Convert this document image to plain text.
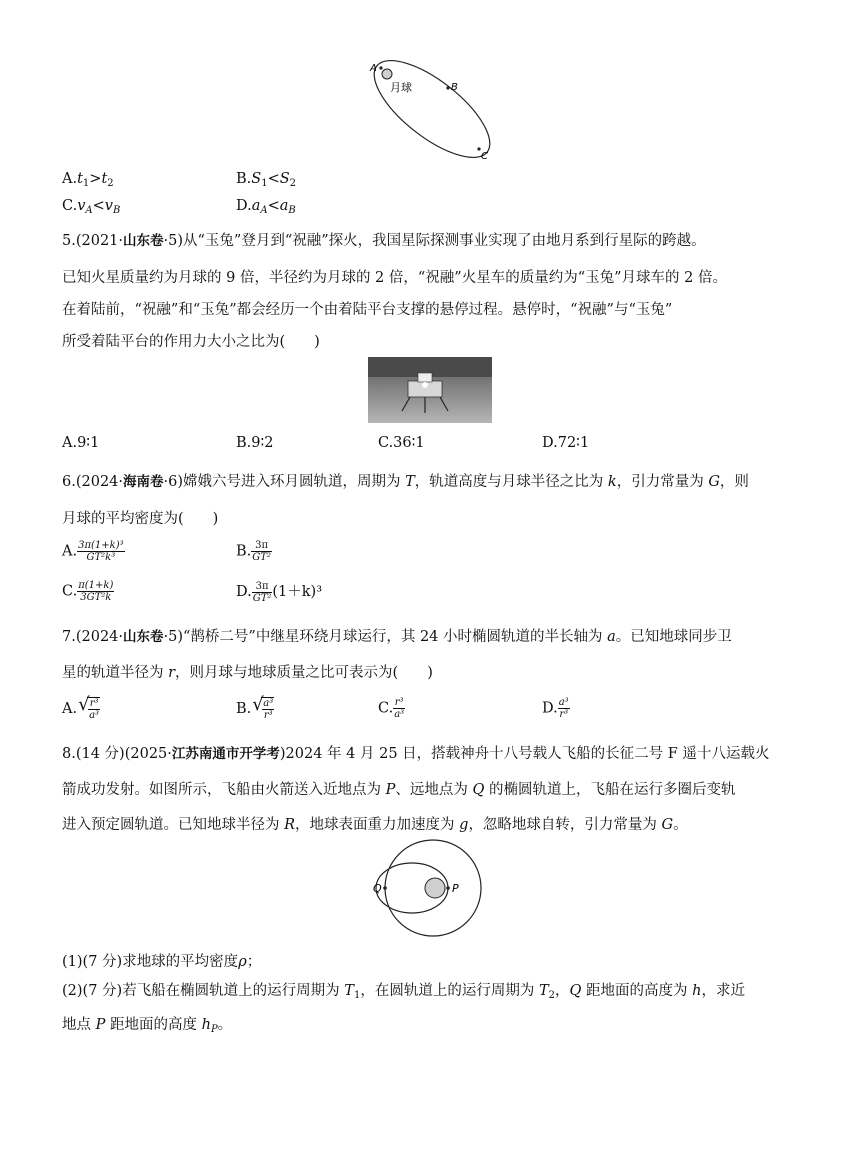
A
B
C
月球
$A.t_1>t_2$	$B.S_1<S_2$
$C.v_A<v_B$	$D.a_A<a_B$
5.(2021·山东卷·5)从“玉兔”登月到“祝融”探火，我国星际探测事业实现了由地月系到行星际的跨越。
已知火星质量约为月球的 9 倍，半径约为月球的 2 倍，“祝融”火星车的质量约为“玉兔”月球车的 2 倍。
在着陆前，“祝融”和“玉兔”都会经历一个由着陆平台支撑的悬停过程。悬停时，“祝融”与“玉兔”
所受着陆平台的作用力大小之比为(　　)
A.9∶1	B.9∶2	C.36∶1	D.72∶1
6.(2024·海南卷·6)嫦娥六号进入环月圆轨道，周期为 T，轨道高度与月球半径之比为 k，引力常量为 G，则
月球的平均密度为(　　)
A. $\frac{\text{3π(1+k)³}}{\text{GT²k³}}$	B. $\frac{3\pi}{\text{GT²}}$
C. $\frac{\pi(1+k)}{\text{3GT²k}}$	D. $\frac{3\pi}{\text{GT²}} (1+k)^3$
7.(2024·山东卷·5)“鹊桥二号”中继星环绕月球运行，其 24 小时椭圆轨道的半长轴为 a。已知地球同步卫
星的轨道半径为 r，则月球与地球质量之比可表示为(　　)
A. √ $\frac{\text{r³}}{\text{a³}}$	B. √ $\frac{\text{a³}}{\text{r³}}$	C. $\frac{\text{r³}}{\text{a³}}$	D. $\frac{\text{a³}}{\text{r³}}$
8.(14 分)(2025·江苏南通市开学考)2024 年 4 月 25 日，搭载神舟十八号载人飞船的长征二号 F 遥十八运载火
箭成功发射。如图所示，飞船由火箭送入近地点为 P、远地点为 Q 的椭圆轨道上，飞船在运行多圈后变轨
进入预定圆轨道。已知地球半径为 R，地球表面重力加速度为 g，忽略地球自转，引力常量为 G。
Q	P
(1)(7 分)求地球的平均密度ρ；
(2)(7 分)若飞船在椭圆轨道上的运行周期为 $T_1$，在圆轨道上的运行周期为 $T_2$，Q 距地面的高度为 h，求近
地点 P 距地面的高度 $h_P$。
